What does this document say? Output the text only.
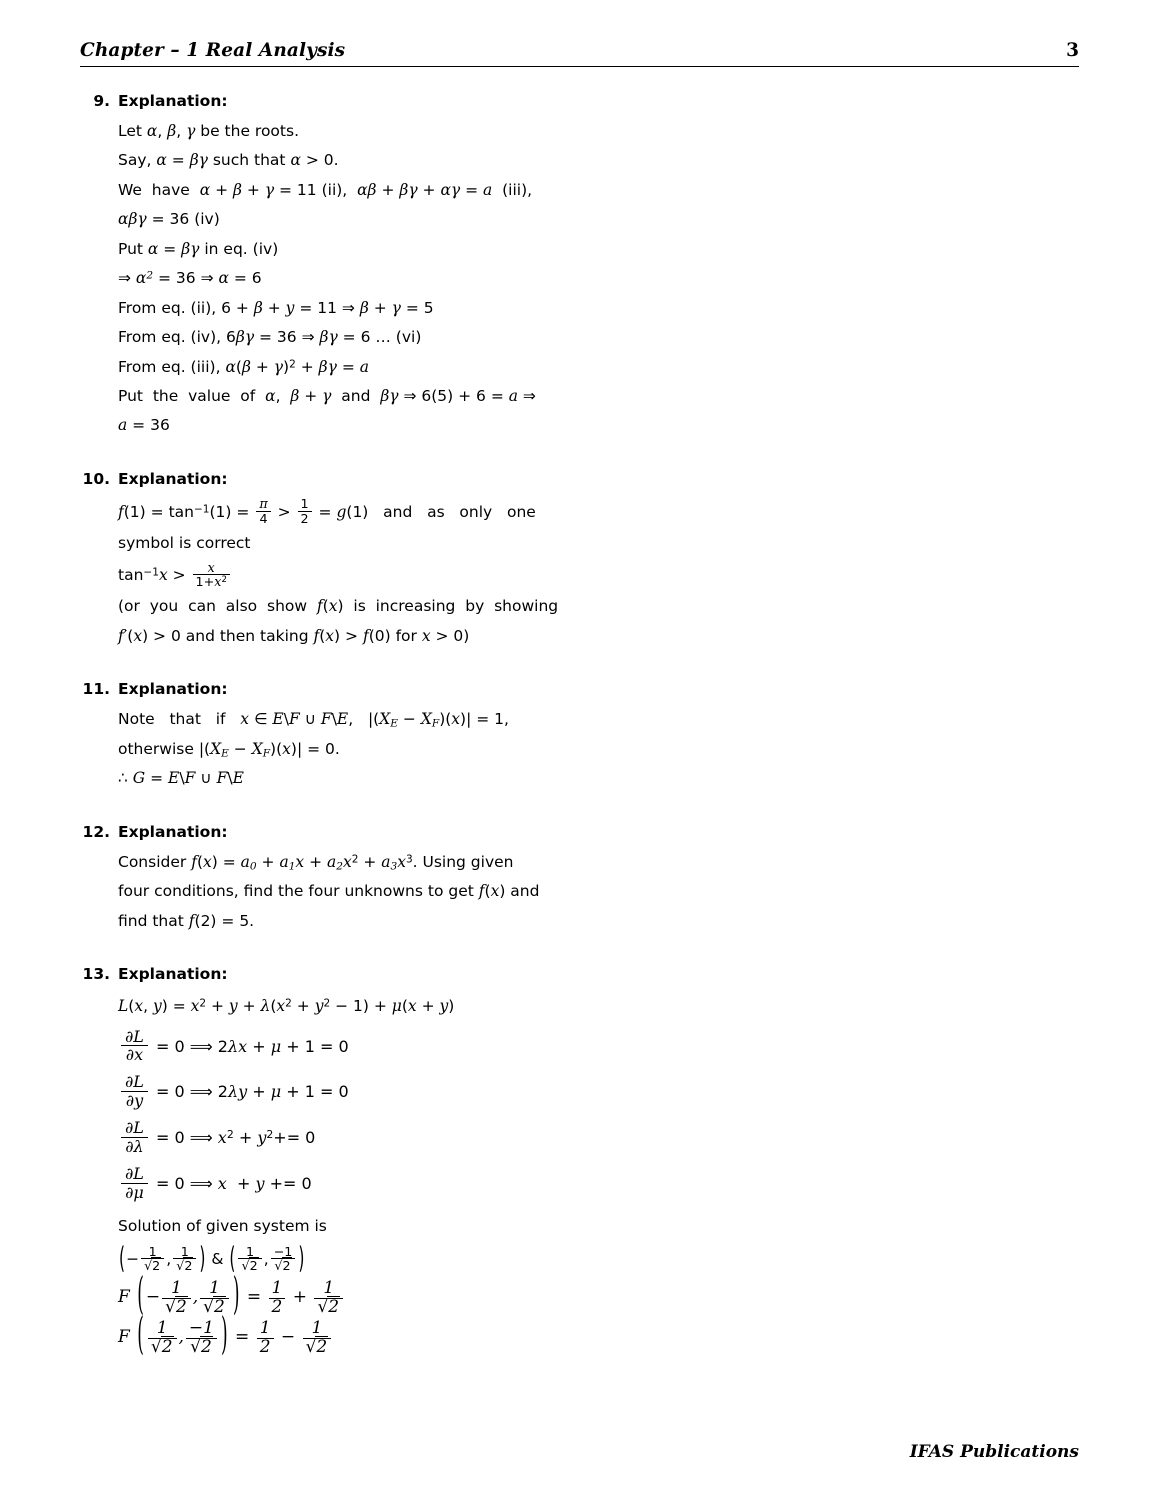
Chapter – 1 Real Analysis	3
9. Explanation:
Let α, β, γ be the roots.
Say, α = βγ such that α > 0.
We  have  α + β + γ = 11 (ii),  αβ + βγ + αγ = a  (iii),
αβγ = 36 (iv)
Put α = βγ in eq. (iv)
⇒ $\alpha^2 = 36$ ⇒ α = 6
From eq. (ii), 6 + β + y = 11 ⇒ β + γ = 5
From eq. (iv), 6βγ = 36 ⇒ βγ = 6 … (vi)
From eq. (iii), $\alpha(\beta + \gamma)^2 + \beta\gamma = a$
Put  the  value  of  α,  β + γ  and  βγ ⇒ 6(5) + 6 = a ⇒
a = 36
10. Explanation:
$f(1) = \tan^{-1}(1) = \frac{\pi}{4} > \frac{1}{2} = g(1)$   and   as   only   one
symbol is correct
$\tan^{-1}x > \frac{x}{1+x^2}$
(or  you  can  also  show  f(x)  is  increasing  by  showing
f′(x) > 0 and then taking f(x) > f(0) for x > 0)
11. Explanation:
Note   that   if   x ∈ E\F ∪ F\E,   $|(X_E - X_F)(x)| = 1$,
otherwise $|(X_E - X_F)(x)| = 0$.
∴ G = E\F ∪ F\E
12. Explanation:
Consider $f(x) = a_0 + a_1x + a_2x^2 + a_3x^3$. Using given
four conditions, find the four unknowns to get f(x) and
find that f(2) = 5.
13. Explanation:
L(x, $y) = x^2 + y + \lambda(x^2 + y^2 - 1) + \mu(x + y)$
$\frac{\partial L}{\partial x} = 0$ ⟹ 2λx + μ + 1 = 0
$\frac{\partial L}{\partial y} = 0$ ⟹ 2λy + μ + 1 = 0
$\frac{\partial L}{\partial\lambda} = 0$ ⟹ $x^2 + y^2+= 0$
$\frac{\partial L}{\partial\mu} = 0$ ⟹ x  + y += 0
Solution of given system is
(− $\frac{1}{√2}$ , $\frac{1}{√2}$ ) & ( $\frac{1}{√2}$ , $\frac{-1}{√2}$ )
F ( − $\frac{1}{√2}$ , $\frac{1}{√2}$ ) = $\frac{1}{2} + \frac{1}{√2}$
F ( $\frac{1}{√2}$ , $\frac{-1}{√2}$ ) = $\frac{1}{2} - \frac{1}{√2}$
IFAS Publications
